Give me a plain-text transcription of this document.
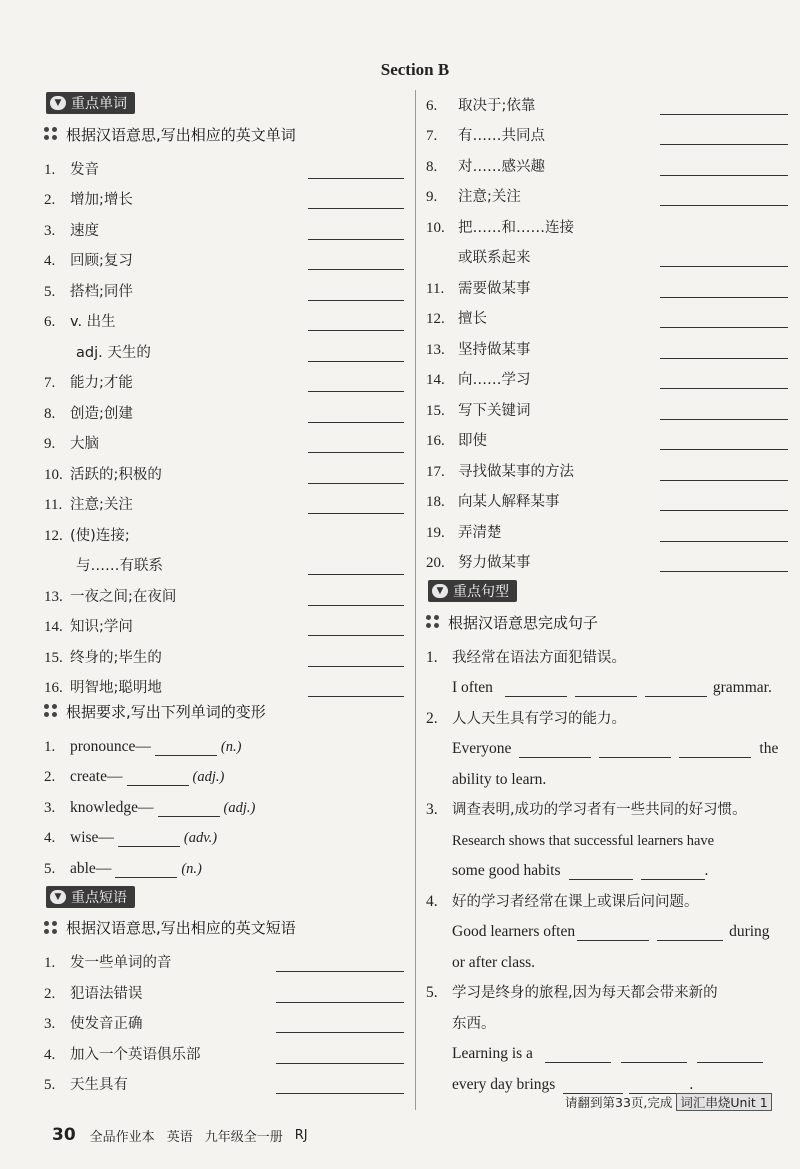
Section B
▼ 重点单词
根据汉语意思,写出相应的英文单词
1.	发音
2.	增加;增长
3.	速度
4.	回顾;复习
5.	搭档;同伴
6.	v. 出生
adj. 天生的
7.	能力;才能
8.	创造;创建
9.	大脑
10. 活跃的;积极的
11. 注意;关注
12. (使)连接;
与……有联系
13. 一夜之间;在夜间
14. 知识;学问
15. 终身的;毕生的
16. 明智地;聪明地
根据要求,写出下列单词的变形
1. pronounce—	(n.)
2. create—	(adj.)
3. knowledge—	(adj.)
4. wise—	(adv.)
5. able—	(n.)
▼ 重点短语
根据汉语意思,写出相应的英文短语
1.	发一些单词的音
2.	犯语法错误
3.	使发音正确
4.	加入一个英语俱乐部
5.	天生具有
6.	取决于;依靠
7.	有……共同点
8.	对……感兴趣
9.	注意;关注
10. 把……和……连接
或联系起来
11. 需要做某事
12. 擅长
13. 坚持做某事
14. 向……学习
15. 写下关键词
16. 即使
17. 寻找做某事的方法
18. 向某人解释某事
19. 弄清楚
20. 努力做某事
▼ 重点句型
根据汉语意思完成句子
1. 我经常在语法方面犯错误。
I often	grammar.
2. 人人天生具有学习的能力。
Everyone	the
ability to learn.
3. 调查表明,成功的学习者有一些共同的好习惯。
Research shows that successful learners have
some good habits	.
4. 好的学习者经常在课上或课后问问题。
Good learners often	during
or after class.
5. 学习是终身的旅程,因为每天都会带来新的
东西。
Learning is a
every day brings	.
请翻到第33页,完成 词汇串烧Unit 1
30 全品作业本 英语 九年级全一册 RJ
